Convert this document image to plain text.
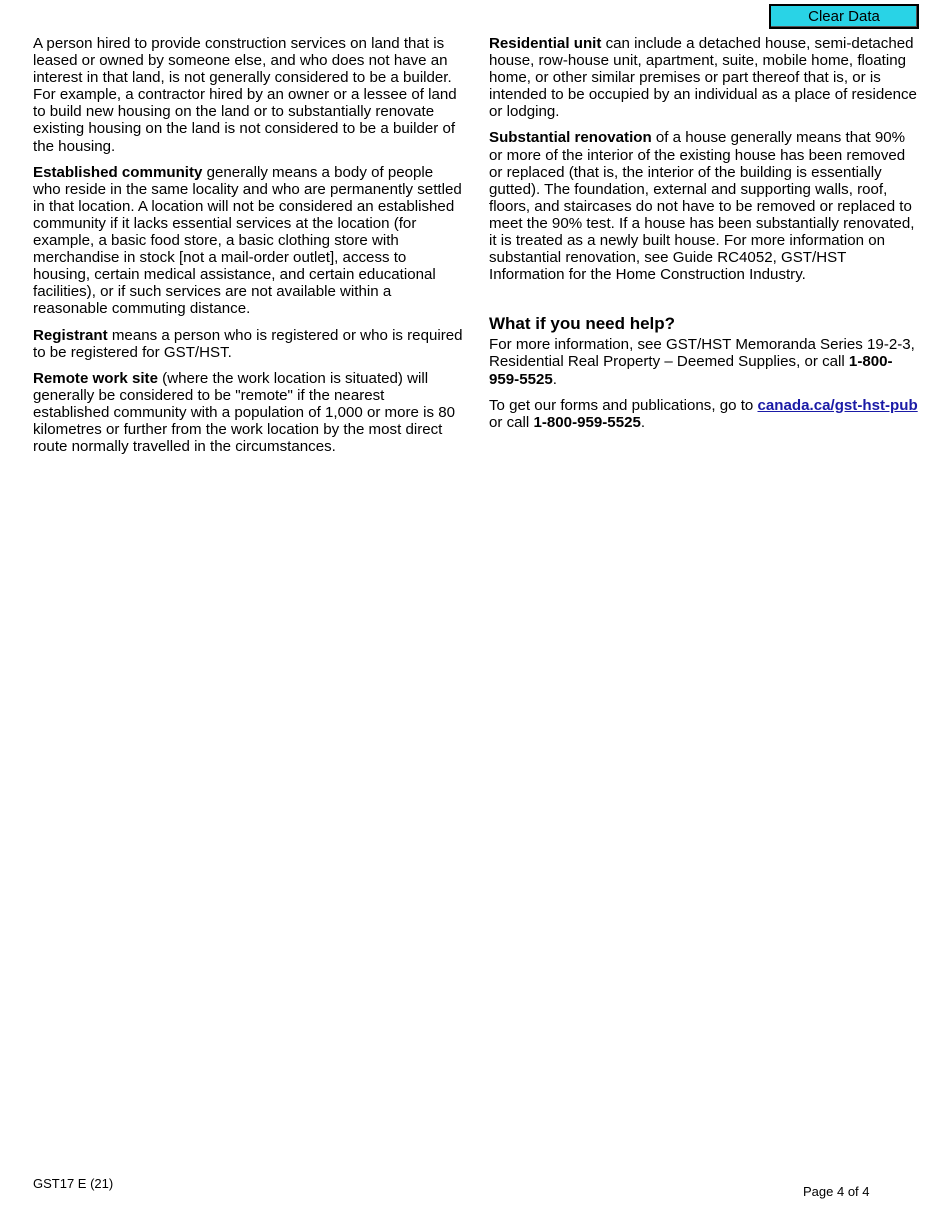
Clear Data

A person hired to provide construction services on land that is leased or owned by someone else, and who does not have an interest in that land, is not generally considered to be a builder. For example, a contractor hired by an owner or a lessee of land to build new housing on the land or to substantially renovate existing housing on the land is not considered to be a builder of the housing.

Established community generally means a body of people who reside in the same locality and who are permanently settled in that location. A location will not be considered an established community if it lacks essential services at the location (for example, a basic food store, a basic clothing store with merchandise in stock [not a mail-order outlet], access to housing, certain medical assistance, and certain educational facilities), or if such services are not available within a reasonable commuting distance.

Registrant means a person who is registered or who is required to be registered for GST/HST.

Remote work site (where the work location is situated) will generally be considered to be "remote" if the nearest established community with a population of 1,000 or more is 80 kilometres or further from the work location by the most direct route normally travelled in the circumstances.

Residential unit can include a detached house, semi-detached house, row-house unit, apartment, suite, mobile home, floating home, or other similar premises or part thereof that is, or is intended to be occupied by an individual as a place of residence or lodging.

Substantial renovation of a house generally means that 90% or more of the interior of the existing house has been removed or replaced (that is, the interior of the building is essentially gutted). The foundation, external and supporting walls, roof, floors, and staircases do not have to be removed or replaced to meet the 90% test. If a house has been substantially renovated, it is treated as a newly built house. For more information on substantial renovation, see Guide RC4052, GST/HST Information for the Home Construction Industry.

What if you need help?

For more information, see GST/HST Memoranda Series 19-2-3, Residential Real Property – Deemed Supplies, or call 1-800-959-5525.

To get our forms and publications, go to canada.ca/gst-hst-pub or call 1-800-959-5525.

GST17 E (21)
Page 4 of 4
